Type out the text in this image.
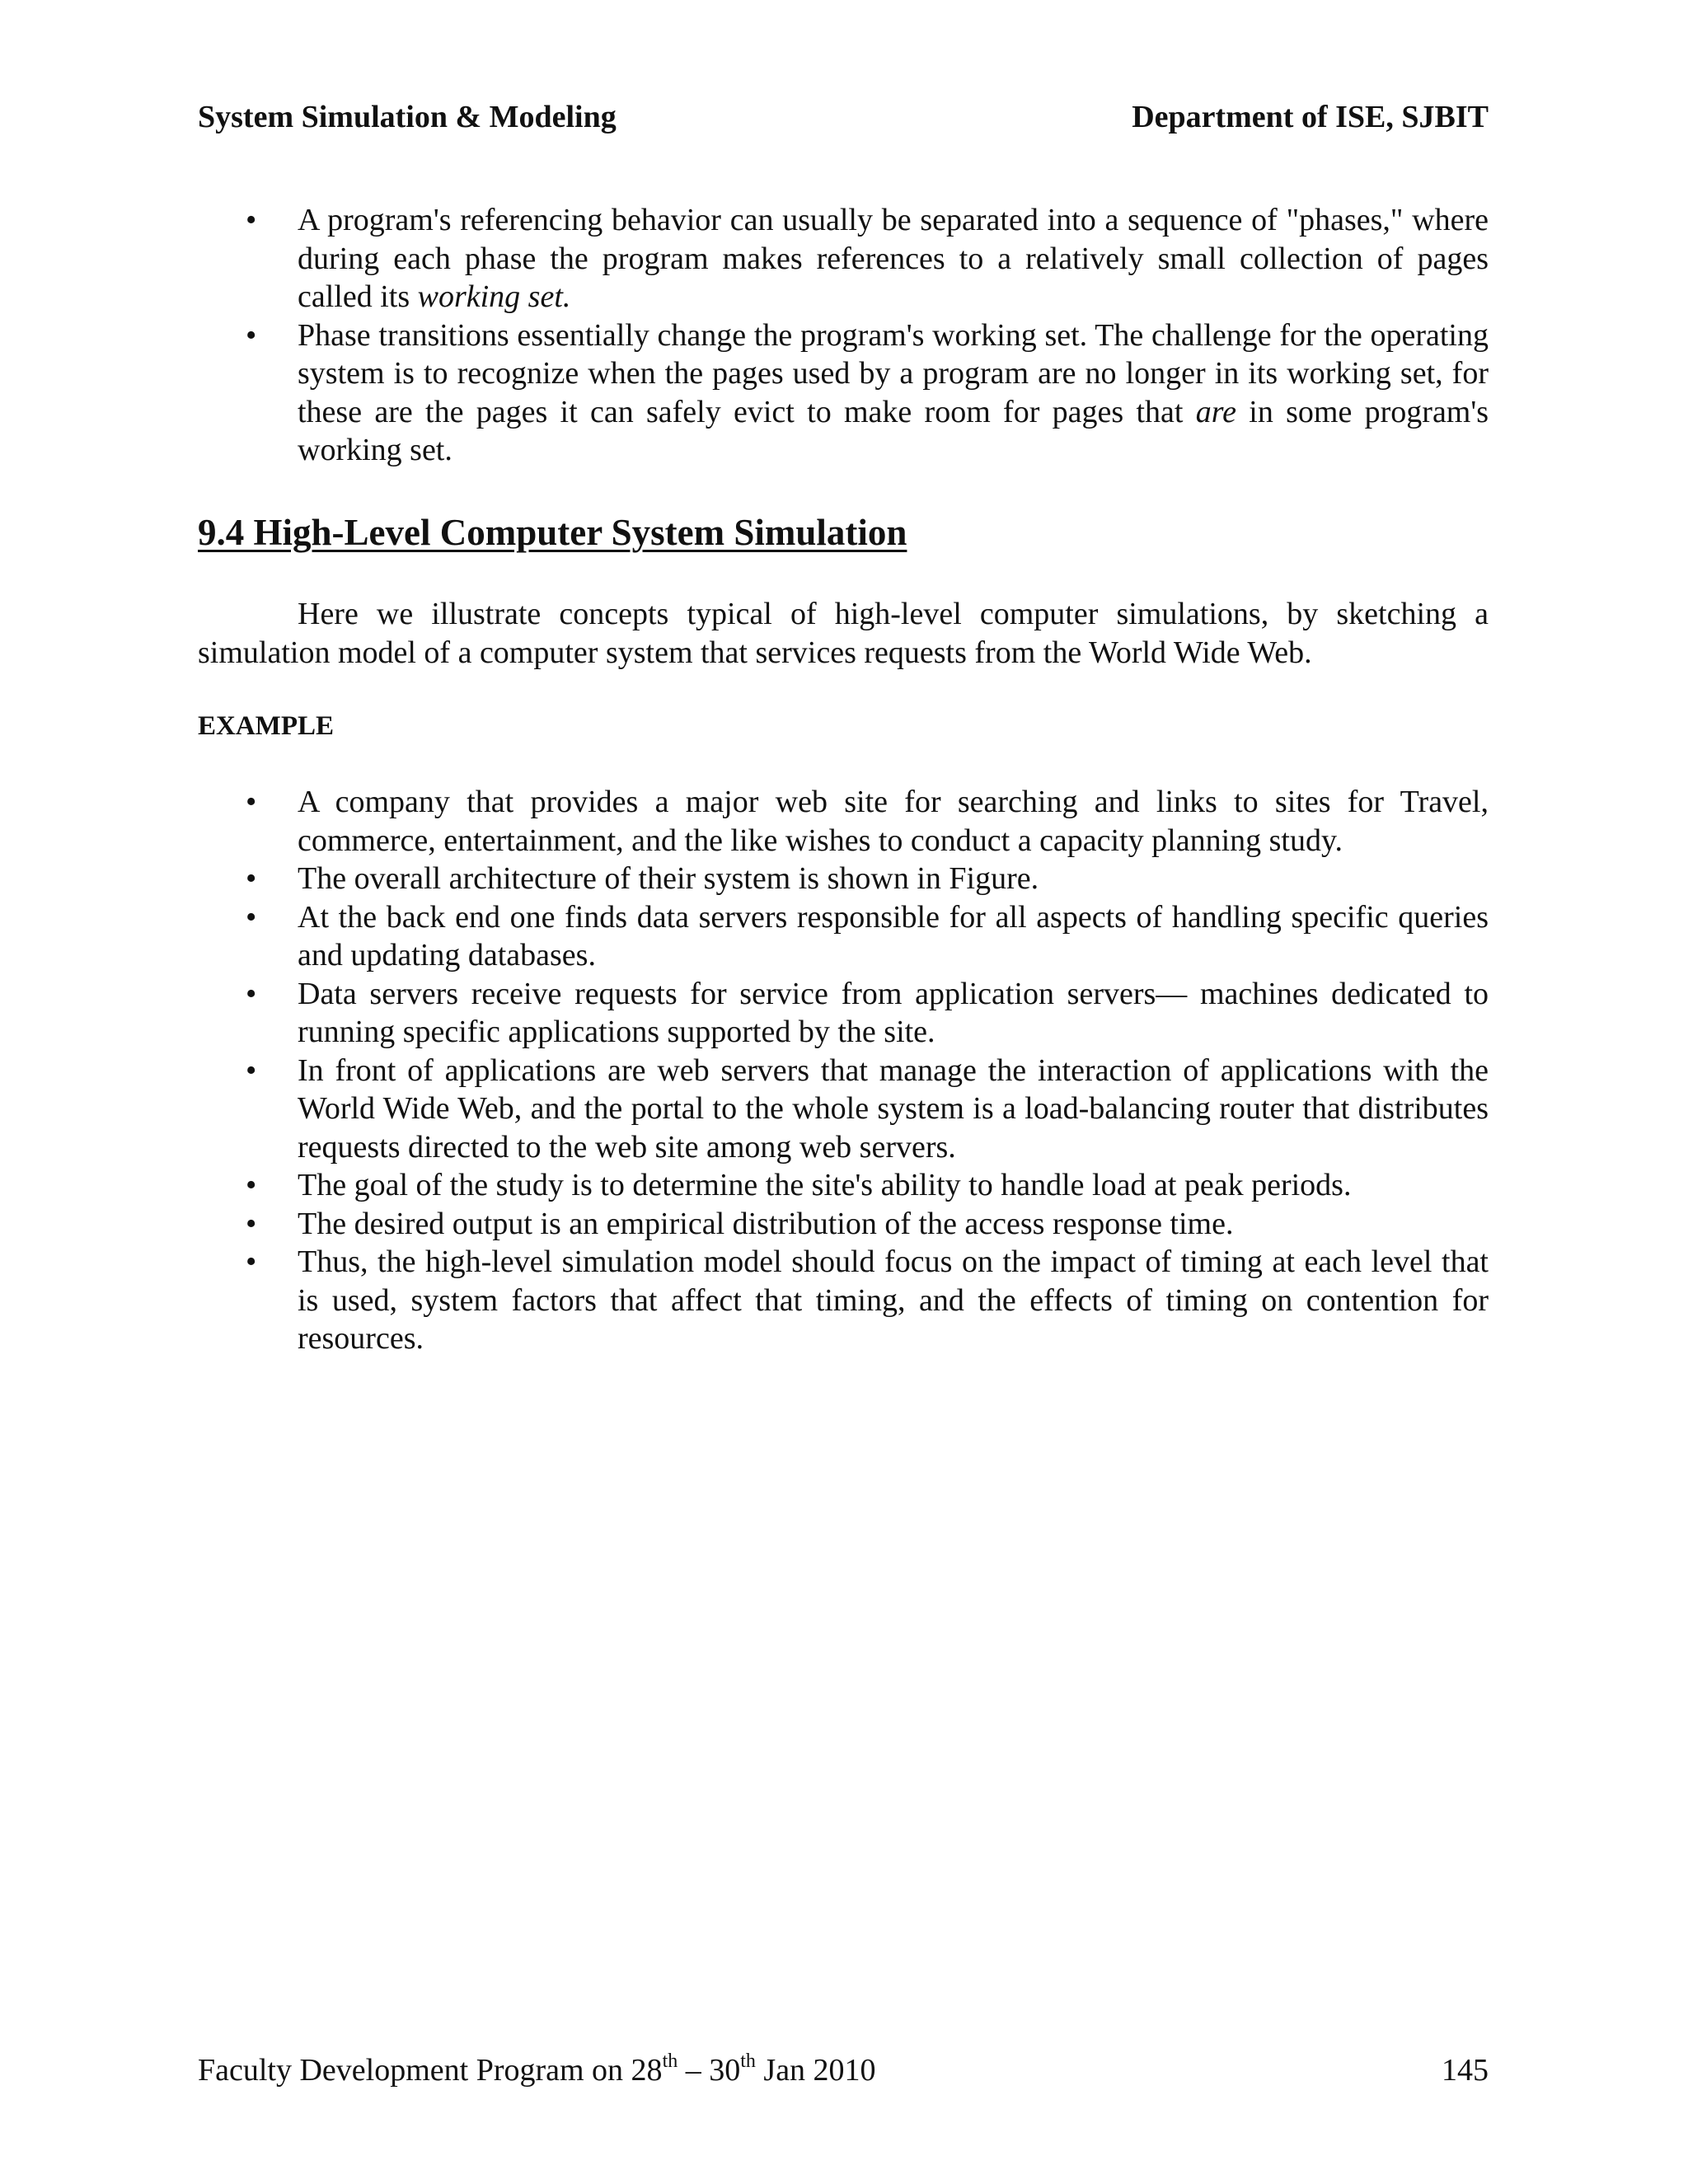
System Simulation & Modeling	Department of ISE, SJBIT
• A program's referencing behavior can usually be separated into a sequence of "phases," where during each phase the program makes references to a relatively small collection of pages called its working set.
• Phase transitions essentially change the program's working set. The challenge for the operating system is to recognize when the pages used by a program are no longer in its working set, for these are the pages it can safely evict to make room for pages that are in some program's working set.
9.4 High-Level Computer System Simulation

Here we illustrate concepts typical of high-level computer simulations, by sketching a simulation model of a computer system that services requests from the World Wide Web.

EXAMPLE

• A company that provides a major web site for searching and links to sites for Travel, commerce, entertainment, and the like wishes to conduct a capacity planning study.
• The overall architecture of their system is shown in Figure.
• At the back end one finds data servers responsible for all aspects of handling specific queries and updating databases.
• Data servers receive requests for service from application servers— machines dedicated to running specific applications supported by the site.
• In front of applications are web servers that manage the interaction of applications with the World Wide Web, and the portal to the whole system is a load-balancing router that distributes requests directed to the web site among web servers.
• The goal of the study is to determine the site's ability to handle load at peak periods.
• The desired output is an empirical distribution of the access response time.
• Thus, the high-level simulation model should focus on the impact of timing at each level that is used, system factors that affect that timing, and the effects of timing on contention for resources.
Faculty Development Program on 28th – 30th Jan 2010	145
